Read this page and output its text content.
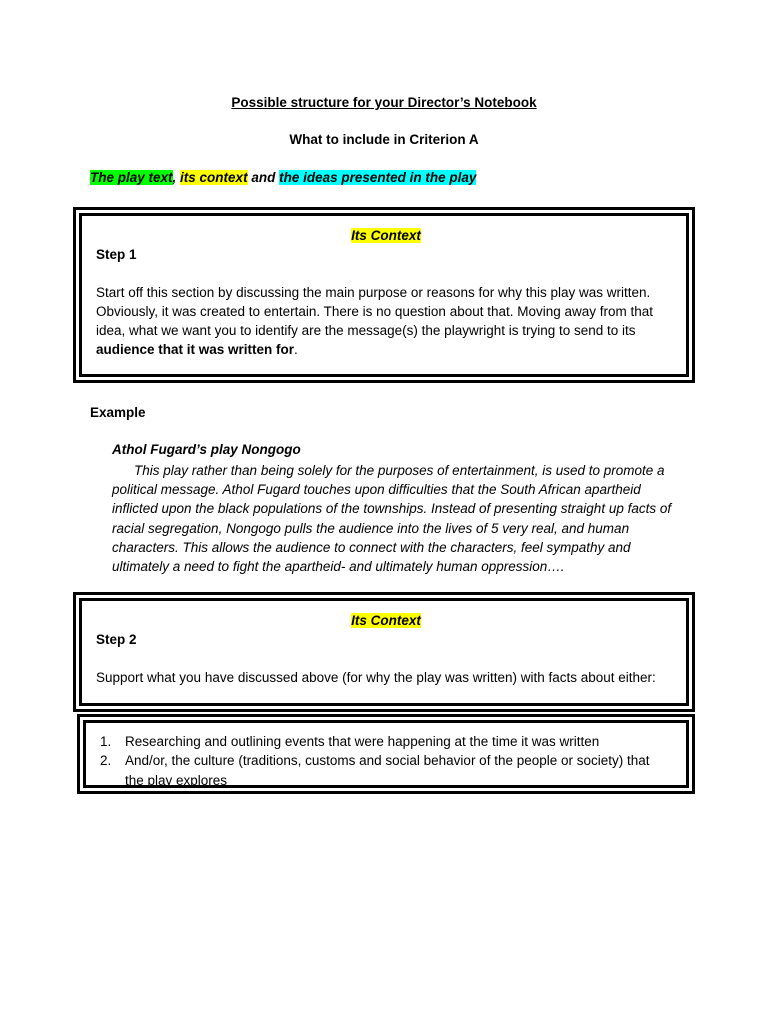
Possible structure for your Director’s Notebook
What to include in Criterion A
The play text, its context and the ideas presented in the play
Its Context
Step 1

Start off this section by discussing the main purpose or reasons for why this play was written. Obviously, it was created to entertain. There is no question about that. Moving away from that idea, what we want you to identify are the message(s) the playwright is trying to send to its audience that it was written for.

Example
Athol Fugard’s play Nongogo
This play rather than being solely for the purposes of entertainment, is used to promote a political message. Athol Fugard touches upon difficulties that the South African apartheid inflicted upon the black populations of the townships. Instead of presenting straight up facts of racial segregation, Nongogo pulls the audience into the lives of 5 very real, and human characters. This allows the audience to connect with the characters, feel sympathy and ultimately a need to fight the apartheid- and ultimately human oppression….
Its Context
Step 2

Support what you have discussed above (for why the play was written) with facts about either:

1. Researching and outlining events that were happening at the time it was written
2. And/or, the culture (traditions, customs and social behavior of the people or society) that the play explores
